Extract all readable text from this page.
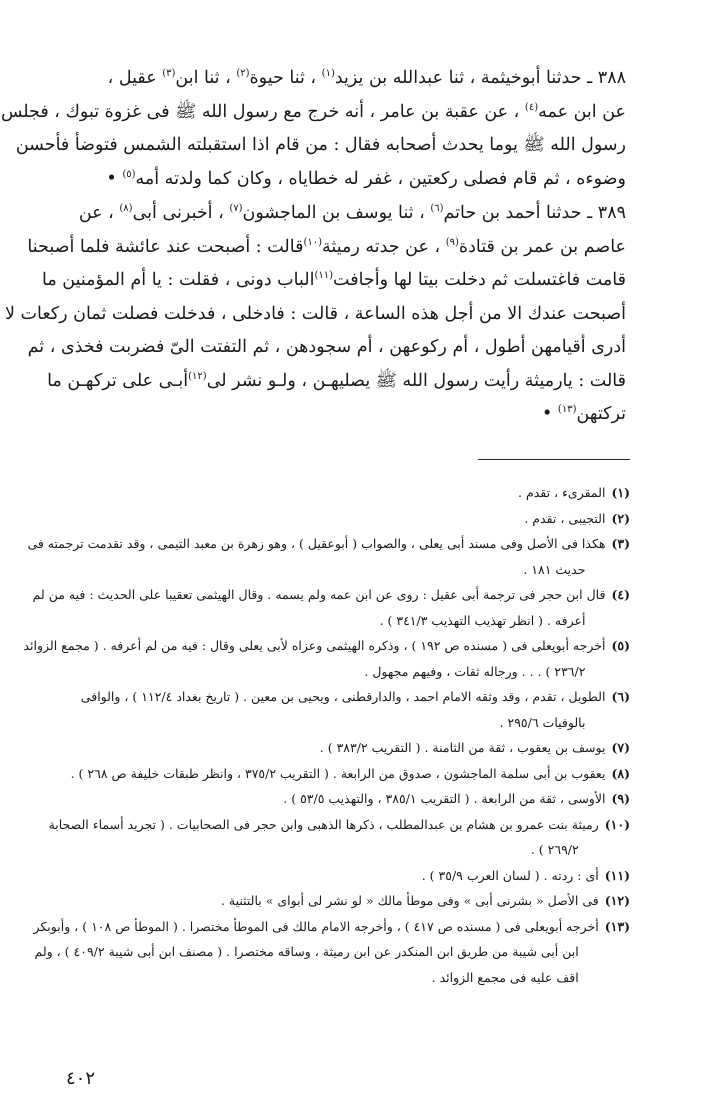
٣٨٨ ـ حدثنا أبوخيثمة ، ثنا عبدالله بن يزيد$^{(١)}$ ، ثنا حيوة$^{(٢)}$ ، ثنا ابن$^{(٣)}$ عقيل ،
عن ابن عمه$^{(٤)}$ ، عن عقبة بن عامر ، أنه خرج مع رسول الله ﷺ فى غزوة تبوك ، فجلس
رسول الله ﷺ يوما يحدث أصحابه فقال : من قام اذا استقبلته الشمس فتوضأ فأحسن
وضوءه ، ثم قام فصلى ركعتين ، غفر له خطاياه ، وكان كما ولدته أمه$^{(٥)}$ •

٣٨٩ ـ حدثنا أحمد بن حاتم$^{(٦)}$ ، ثنا يوسف بن الماجشون$^{(٧)}$ ، أخبرنى أبى$^{(٨)}$ ، عن
عاصم بن عمر بن قتادة$^{(٩)}$ ، عن جدته رميثة$^{(١٠)}$قالت : أصبحت عند عائشة فلما أصبحنا
قامت فاغتسلت ثم دخلت بيتا لها وأجافت$^{(١١)}$الباب دونى ، فقلت : يا أم المؤمنين ما
أصبحت عندك الا من أجل هذه الساعة ، قالت : فادخلى ، فدخلت فصلت ثمان ركعات لا
أدرى أقيامهن أطول ، أم ركوعهن ، أم سجودهن ، ثم التفتت الىّ فضربت فخذى ، ثم
قالت : يارميثة رأيت رسول الله ﷺ يصليهـن ، ولـو نشر لى$^{(١٢)}$أبـى على تركهـن ما
تركتهن$^{(١٣)}$ •

(١)
المقرىء ، تقدم .
(٢)
التجيبى ، تقدم .
(٣)
هكذا فى الأصل وفى مسند أبى يعلى ، والصواب ( أبوعقيل ) ، وهو زهرة بن معبد التيمى ، وقد تقدمت ترجمته فى
حديث ١٨١ .
(٤)
قال ابن حجر فى ترجمة أبى عقيل : روى عن ابن عمه ولم يسمه . وقال الهيثمى تعقيبا على الحديث : فيه من لم
أعرفه . ( انظر تهذيب التهذيب ٣٤١/٣ ) .
(٥)
أخرجه أبويعلى فى ( مسنده ص ١٩٢ ) ، وذكره الهيثمى وعزاه لأبى يعلى وقال : فيه من لم أعرفه . ( مجمع الزوائد
٢٣٦/٢ ) . . . ورجاله ثقات ، وفيهم مجهول .
(٦)
الطويل ، تقدم ، وقد وثقه الامام احمد ، والدارقطنى ، ويحيى بن معين . ( تاريخ بغداد ١١٢/٤ ) ، والوافى
بالوفيات ٢٩٥/٦ .
(٧)
يوسف بن يعقوب ، ثقة من الثامنة . ( التقريب ٣٨٣/٢ ) .
(٨)
يعقوب بن أبى سلمة الماجشون ، صدوق من الرابعة . ( التقريب ٣٧٥/٢ ، وانظر طبقات خليفة ص ٢٦٨ ) .
(٩)
الأوسى ، ثقة من الرابعة . ( التقريب ٣٨٥/١ ، والتهذيب ٥٣/٥ ) .
(١٠)
رميثة بنت عمرو بن هشام بن عبدالمطلب ، ذكرها الذهبى وابن حجر فى الصحابيات . ( تجريد أسماء الصحابة
٢٦٩/٢ ) .
(١١)
أى : ردته . ( لسان العرب ٣٥/٩ ) .
(١٢)
فى الأصل « بشرنى أبى » وفى موطأ مالك « لو نشر لى أبواى » بالتثنية .
(١٣)
أخرجه أبويعلى فى ( مسنده ص ٤١٧ ) ، وأخرجه الامام مالك فى الموطأ مختصرا . ( الموطأ ص ١٠٨ ) ، وأبوبكر
ابن أبى شيبة من طريق ابن المنكدر عن ابن رميثة ، وساقه مختصرا . ( مصنف ابن أبى شيبة ٤٠٩/٢ ) ، ولم
اقف عليه فى مجمع الزوائد .
٤٠٢
